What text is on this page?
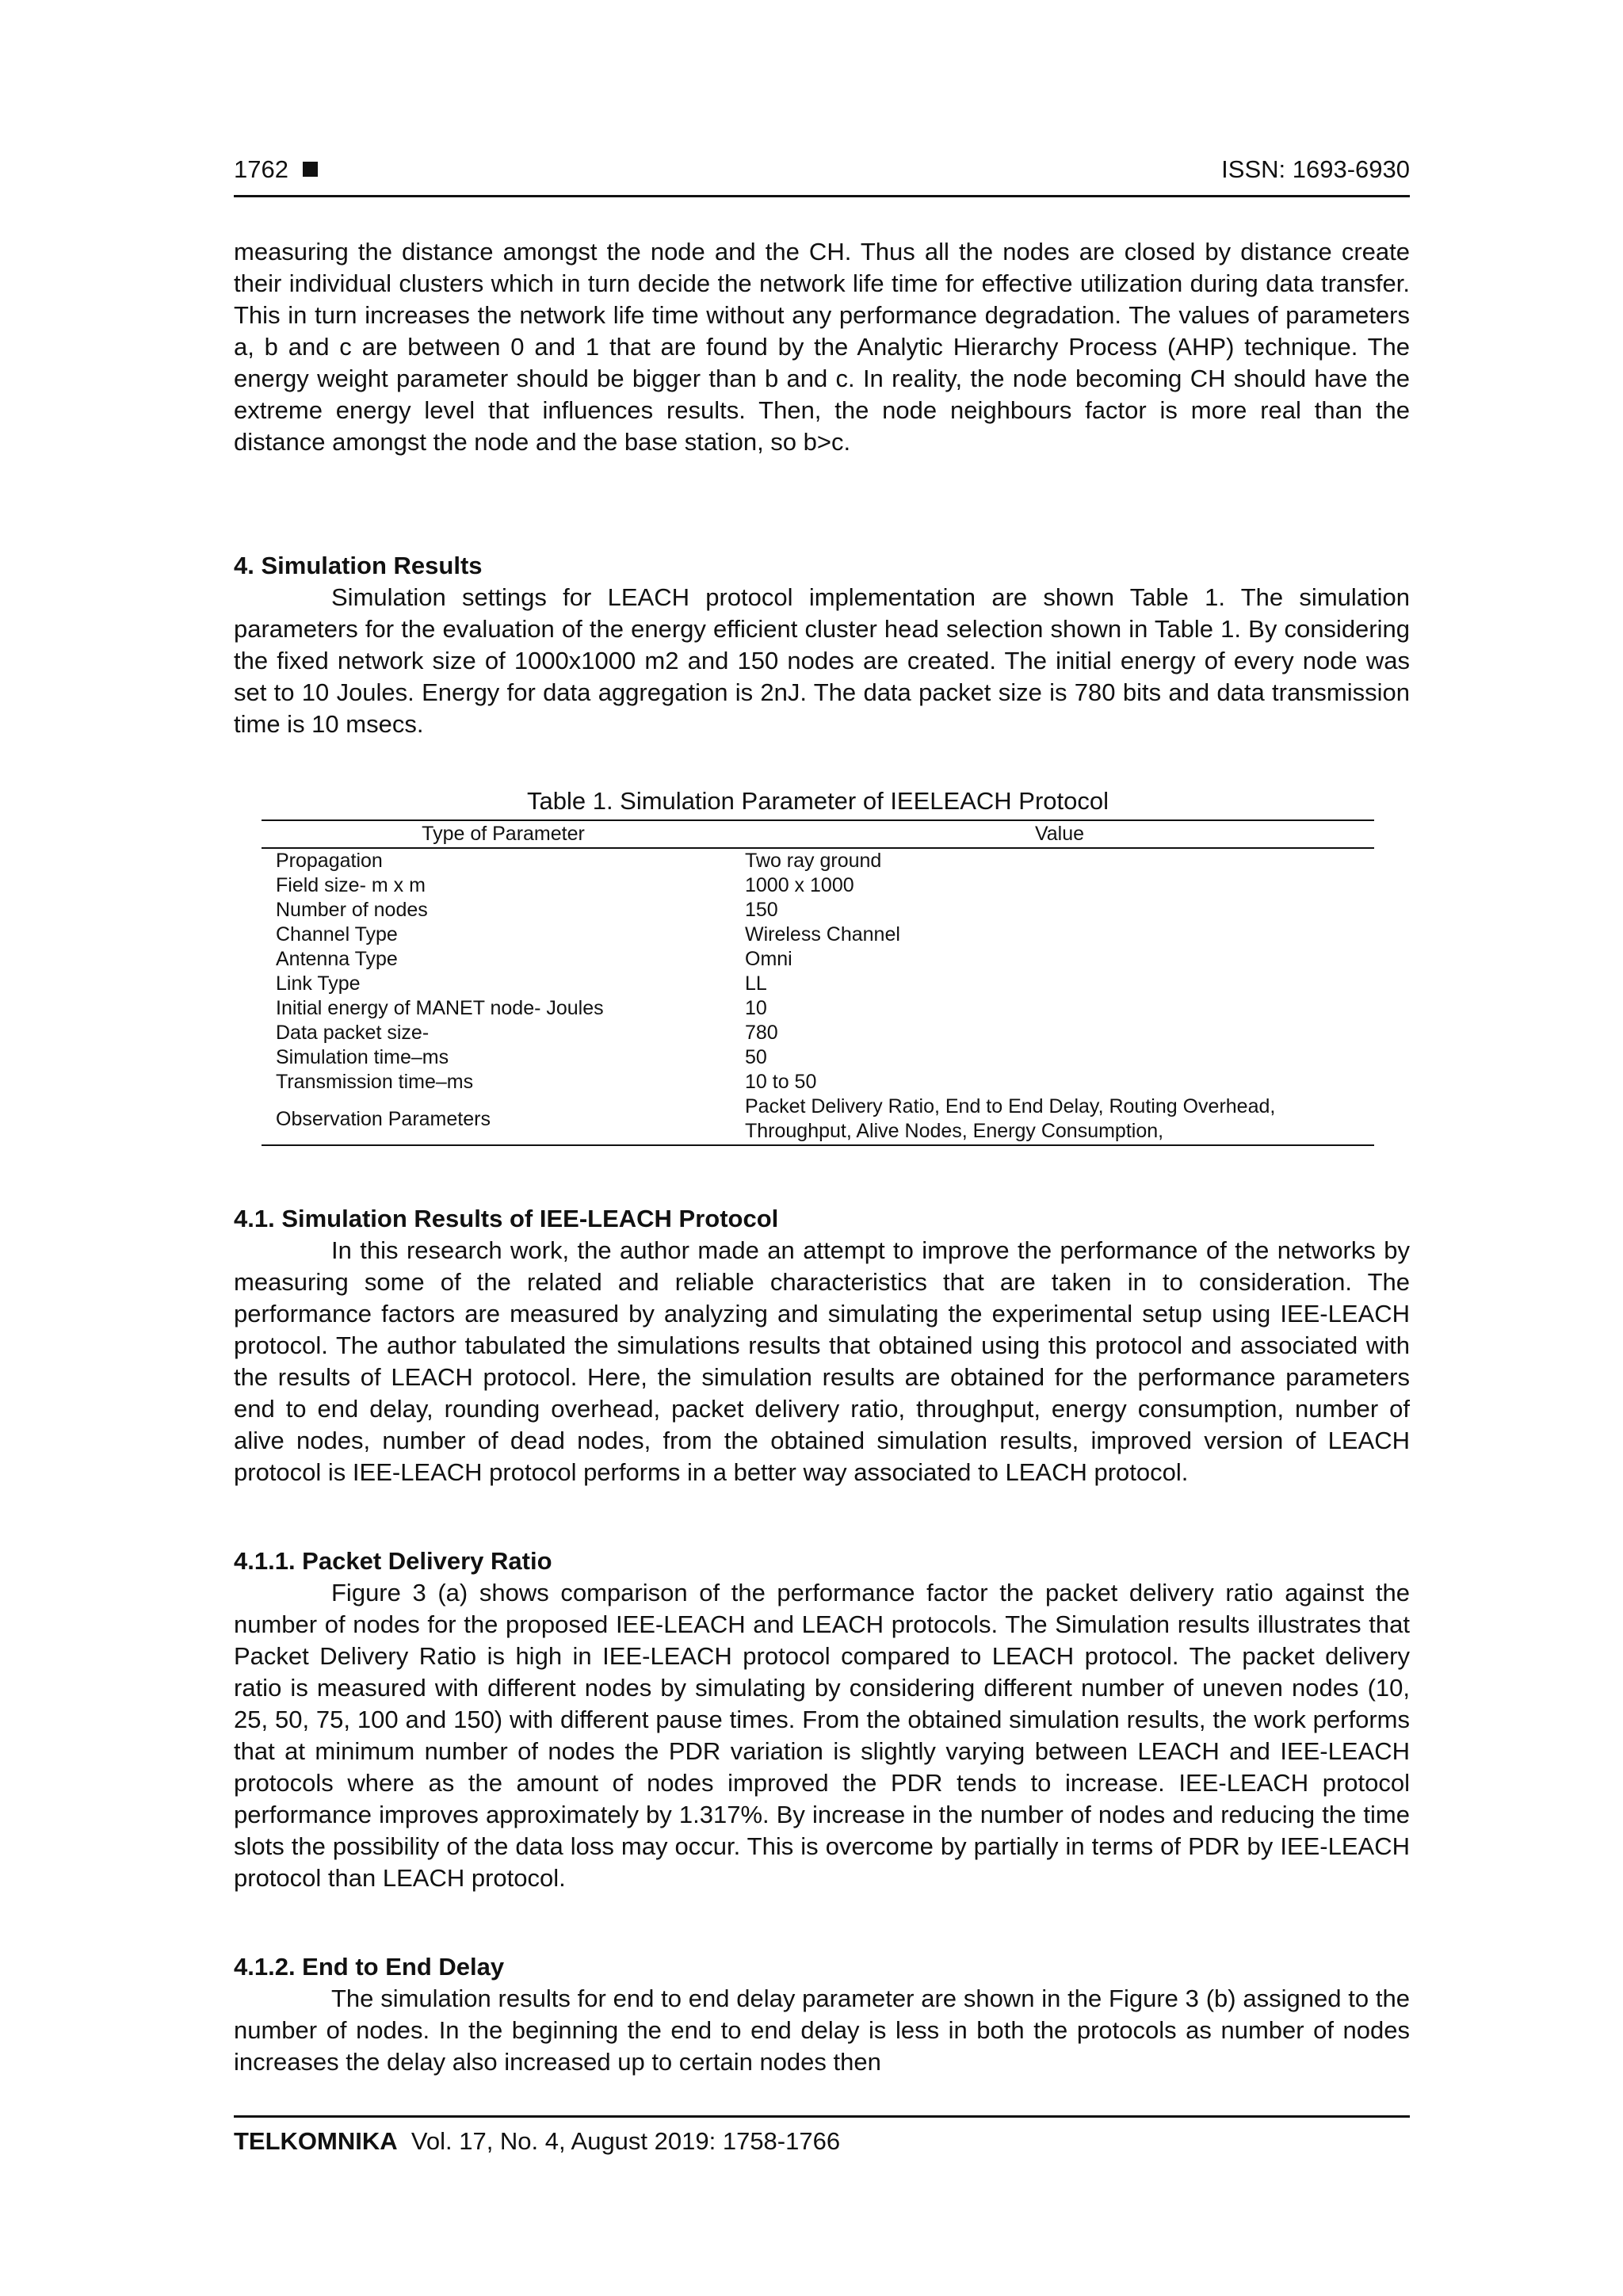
1762	ISSN: 1693-6930

measuring the distance amongst the node and the CH. Thus all the nodes are closed by distance create their individual clusters which in turn decide the network life time for effective utilization during data transfer. This in turn increases the network life time without any performance degradation. The values of parameters a, b and c are between 0 and 1 that are found by the Analytic Hierarchy Process (AHP) technique. The energy weight parameter should be bigger than b and c. In reality, the node becoming CH should have the extreme energy level that influences results. Then, the node neighbours factor is more real than the distance amongst the node and the base station, so b>c.

4. Simulation Results

Simulation settings for LEACH protocol implementation are shown Table 1. The simulation parameters for the evaluation of the energy efficient cluster head selection shown in Table 1. By considering the fixed network size of 1000x1000 m2 and 150 nodes are created. The initial energy of every node was set to 10 Joules. Energy for data aggregation is 2nJ. The data packet size is 780 bits and data transmission time is 10 msecs.

Table 1. Simulation Parameter of IEELEACH Protocol
Type of Parameter	Value
Propagation	Two ray ground
Field size- m x m	1000 x 1000
Number of nodes	150
Channel Type	Wireless Channel
Antenna Type	Omni
Link Type	LL
Initial energy of MANET node- Joules	10
Data packet size-	780
Simulation time–ms	50
Transmission time–ms	10 to 50
Observation Parameters	Packet Delivery Ratio, End to End Delay, Routing Overhead,
Throughput, Alive Nodes, Energy Consumption,
4.1. Simulation Results of IEE-LEACH Protocol

In this research work, the author made an attempt to improve the performance of the networks by measuring some of the related and reliable characteristics that are taken in to consideration. The performance factors are measured by analyzing and simulating the experimental setup using IEE-LEACH protocol. The author tabulated the simulations results that obtained using this protocol and associated with the results of LEACH protocol. Here, the simulation results are obtained for the performance parameters end to end delay, rounding overhead, packet delivery ratio, throughput, energy consumption, number of alive nodes, number of dead nodes, from the obtained simulation results, improved version of LEACH protocol is IEE-LEACH protocol performs in a better way associated to LEACH protocol.

4.1.1. Packet Delivery Ratio

Figure 3 (a) shows comparison of the performance factor the packet delivery ratio against the number of nodes for the proposed IEE-LEACH and LEACH protocols. The Simulation results illustrates that Packet Delivery Ratio is high in IEE-LEACH protocol compared to LEACH protocol. The packet delivery ratio is measured with different nodes by simulating by considering different number of uneven nodes (10, 25, 50, 75, 100 and 150) with different pause times. From the obtained simulation results, the work performs that at minimum number of nodes the PDR variation is slightly varying between LEACH and IEE-LEACH protocols where as the amount of nodes improved the PDR tends to increase. IEE-LEACH protocol performance improves approximately by 1.317%. By increase in the number of nodes and reducing the time slots the possibility of the data loss may occur. This is overcome by partially in terms of PDR by IEE-LEACH protocol than LEACH protocol.

4.1.2. End to End Delay

The simulation results for end to end delay parameter are shown in the Figure 3 (b) assigned to the number of nodes. In the beginning the end to end delay is less in both the protocols as number of nodes increases the delay also increased up to certain nodes then

TELKOMNIKA Vol. 17, No. 4, August 2019: 1758-1766
